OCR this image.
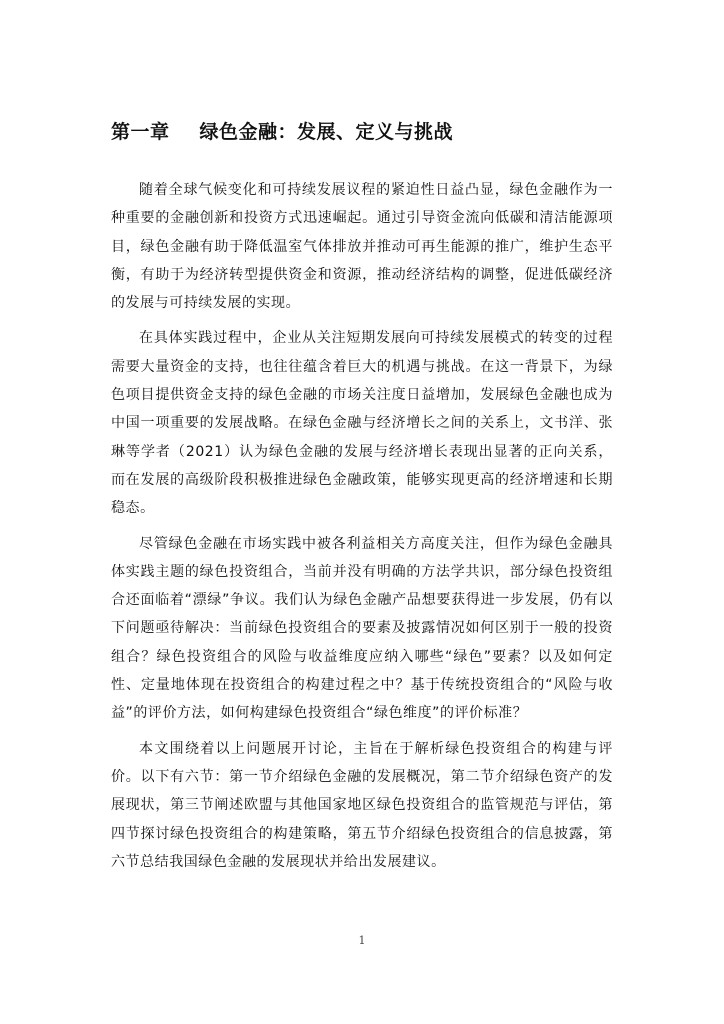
第一章 绿色金融：发展、定义与挑战

随着全球气候变化和可持续发展议程的紧迫性日益凸显，绿色金融作为一种重要的金融创新和投资方式迅速崛起。通过引导资金流向低碳和清洁能源项目，绿色金融有助于降低温室气体排放并推动可再生能源的推广，维护生态平衡，有助于为经济转型提供资金和资源，推动经济结构的调整，促进低碳经济的发展与可持续发展的实现。

在具体实践过程中，企业从关注短期发展向可持续发展模式的转变的过程需要大量资金的支持，也往往蕴含着巨大的机遇与挑战。在这一背景下，为绿色项目提供资金支持的绿色金融的市场关注度日益增加，发展绿色金融也成为中国一项重要的发展战略。在绿色金融与经济增长之间的关系上，文书洋、张琳等学者（2021）认为绿色金融的发展与经济增长表现出显著的正向关系，而在发展的高级阶段积极推进绿色金融政策，能够实现更高的经济增速和长期稳态。

尽管绿色金融在市场实践中被各利益相关方高度关注，但作为绿色金融具体实践主题的绿色投资组合，当前并没有明确的方法学共识，部分绿色投资组合还面临着“漂绿”争议。我们认为绿色金融产品想要获得进一步发展，仍有以下问题亟待解决：当前绿色投资组合的要素及披露情况如何区别于一般的投资组合？绿色投资组合的风险与收益维度应纳入哪些“绿色”要素？以及如何定性、定量地体现在投资组合的构建过程之中？基于传统投资组合的“风险与收益”的评价方法，如何构建绿色投资组合“绿色维度”的评价标准？

本文围绕着以上问题展开讨论，主旨在于解析绿色投资组合的构建与评价。以下有六节：第一节介绍绿色金融的发展概况，第二节介绍绿色资产的发展现状，第三节阐述欧盟与其他国家地区绿色投资组合的监管规范与评估，第四节探讨绿色投资组合的构建策略，第五节介绍绿色投资组合的信息披露，第六节总结我国绿色金融的发展现状并给出发展建议。

1
